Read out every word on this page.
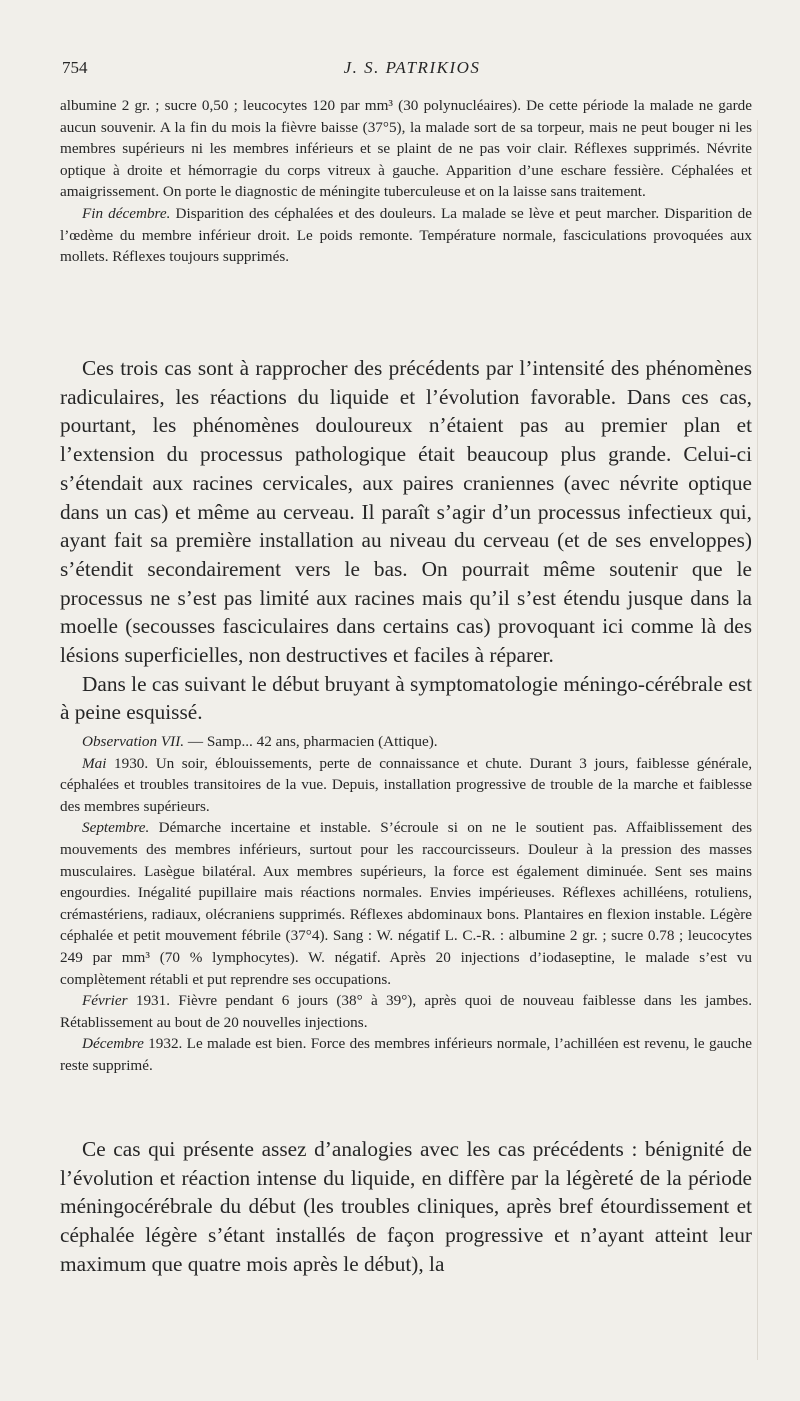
754	J. S. PATRIKIOS

albumine 2 gr. ; sucre 0,50 ; leucocytes 120 par mm³ (30 polynucléaires). De cette période la malade ne garde aucun souvenir. A la fin du mois la fièvre baisse (37°5), la malade sort de sa torpeur, mais ne peut bouger ni les membres supérieurs ni les membres inférieurs et se plaint de ne pas voir clair. Réflexes supprimés. Névrite optique à droite et hémorragie du corps vitreux à gauche. Apparition d’une eschare fessière. Céphalées et amaigrissement. On porte le diagnostic de méningite tuberculeuse et on la laisse sans traitement.

Fin décembre. Disparition des céphalées et des douleurs. La malade se lève et peut marcher. Disparition de l’œdème du membre inférieur droit. Le poids remonte. Température normale, fasciculations provoquées aux mollets. Réflexes toujours supprimés.

Ces trois cas sont à rapprocher des précédents par l’intensité des phénomènes radiculaires, les réactions du liquide et l’évolution favorable. Dans ces cas, pourtant, les phénomènes douloureux n’étaient pas au premier plan et l’extension du processus pathologique était beaucoup plus grande. Celui-ci s’étendait aux racines cervicales, aux paires craniennes (avec névrite optique dans un cas) et même au cerveau. Il paraît s’agir d’un processus infectieux qui, ayant fait sa première installation au niveau du cerveau (et de ses enveloppes) s’étendit secondairement vers le bas. On pourrait même soutenir que le processus ne s’est pas limité aux racines mais qu’il s’est étendu jusque dans la moelle (secousses fasciculaires dans certains cas) provoquant ici comme là des lésions superficielles, non destructives et faciles à réparer.

Dans le cas suivant le début bruyant à symptomatologie méningo-cérébrale est à peine esquissé.

Observation VII. — Samp... 42 ans, pharmacien (Attique).

Mai 1930. Un soir, éblouissements, perte de connaissance et chute. Durant 3 jours, faiblesse générale, céphalées et troubles transitoires de la vue. Depuis, installation progressive de trouble de la marche et faiblesse des membres supérieurs.

Septembre. Démarche incertaine et instable. S’écroule si on ne le soutient pas. Affaiblissement des mouvements des membres inférieurs, surtout pour les raccourcisseurs. Douleur à la pression des masses musculaires. Lasègue bilatéral. Aux membres supérieurs, la force est également diminuée. Sent ses mains engourdies. Inégalité pupillaire mais réactions normales. Envies impérieuses. Réflexes achilléens, rotuliens, crémastériens, radiaux, olécraniens supprimés. Réflexes abdominaux bons. Plantaires en flexion instable. Légère céphalée et petit mouvement fébrile (37°4). Sang : W. négatif L. C.-R. : albumine 2 gr. ; sucre 0.78 ; leucocytes 249 par mm³ (70 % lymphocytes). W. négatif. Après 20 injections d’iodaseptine, le malade s’est vu complètement rétabli et put reprendre ses occupations.

Février 1931. Fièvre pendant 6 jours (38° à 39°), après quoi de nouveau faiblesse dans les jambes. Rétablissement au bout de 20 nouvelles injections.

Décembre 1932. Le malade est bien. Force des membres inférieurs normale, l’achilléen est revenu, le gauche reste supprimé.

Ce cas qui présente assez d’analogies avec les cas précédents : bénignité de l’évolution et réaction intense du liquide, en diffère par la légèreté de la période méningocérébrale du début (les troubles cliniques, après bref étourdissement et céphalée légère s’étant installés de façon progressive et n’ayant atteint leur maximum que quatre mois après le début), la
